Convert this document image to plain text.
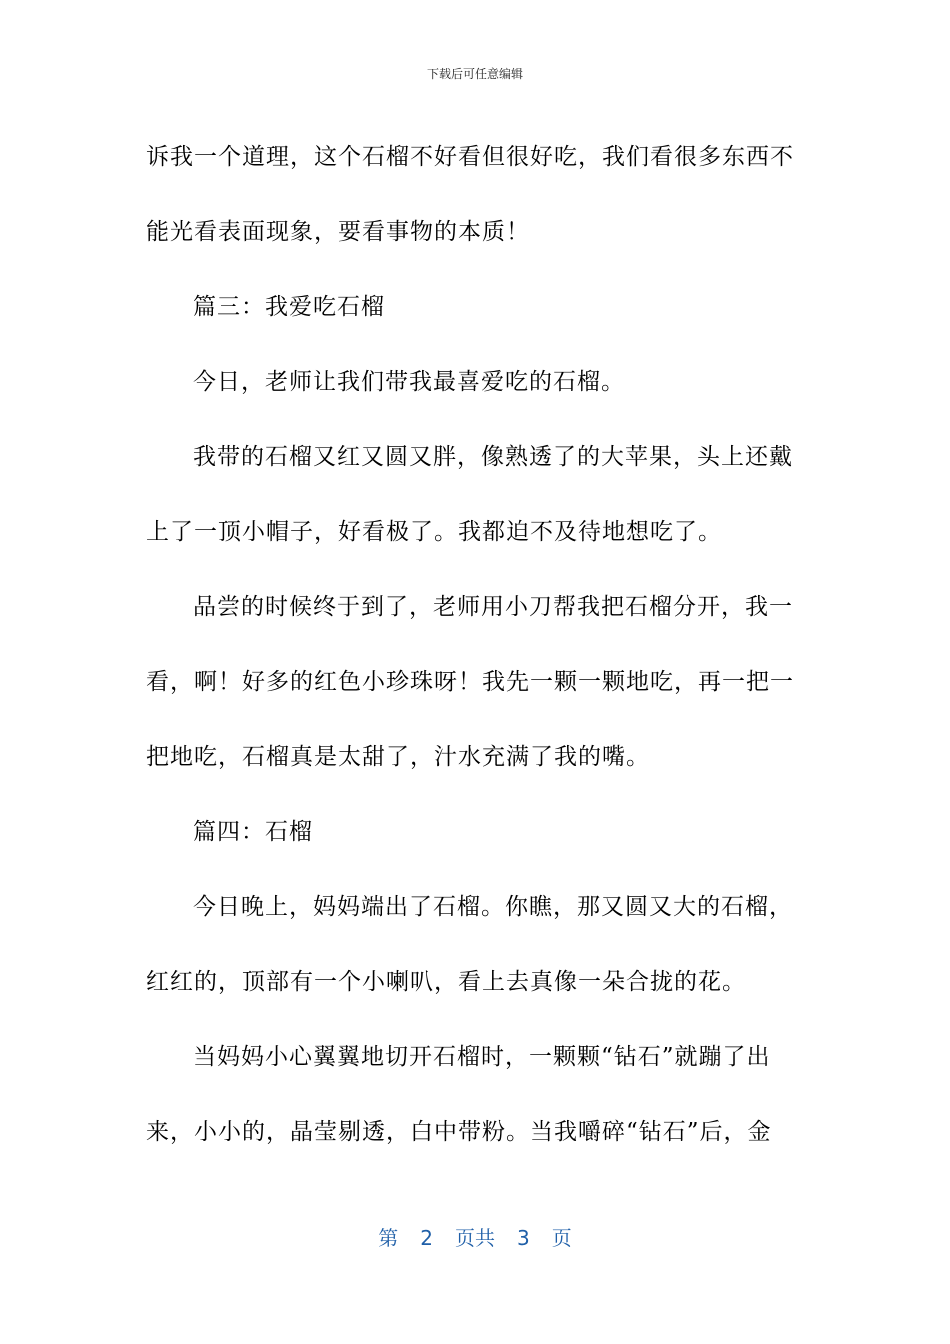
下载后可任意编辑

诉我一个道理，这个石榴不好看但很好吃，我们看很多东西不

能光看表面现象，要看事物的本质！

篇三：我爱吃石榴

今日，老师让我们带我最喜爱吃的石榴。

我带的石榴又红又圆又胖，像熟透了的大苹果，头上还戴

上了一顶小帽子，好看极了。我都迫不及待地想吃了。

品尝的时候终于到了，老师用小刀帮我把石榴分开，我一

看，啊！好多的红色小珍珠呀！我先一颗一颗地吃，再一把一

把地吃，石榴真是太甜了，汁水充满了我的嘴。

篇四：石榴

今日晚上，妈妈端出了石榴。你瞧，那又圆又大的石榴，

红红的，顶部有一个小喇叭，看上去真像一朵合拢的花。

当妈妈小心翼翼地切开石榴时，一颗颗“钻石”就蹦了出

来，小小的，晶莹剔透，白中带粉。当我嚼碎“钻石”后，金

第 2 页共 3 页
